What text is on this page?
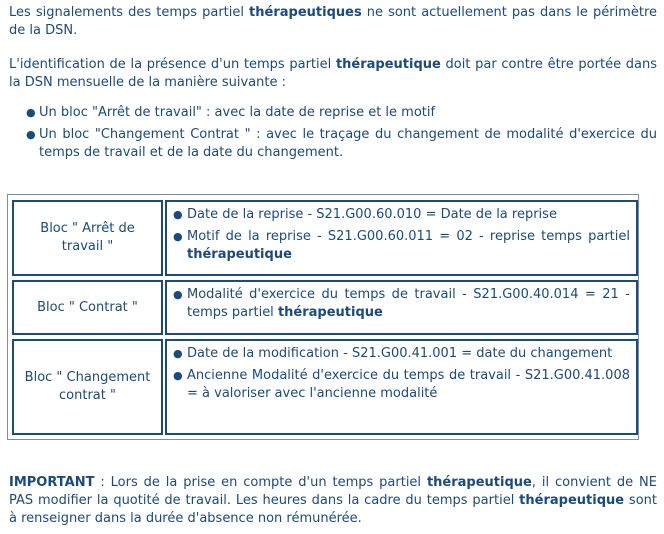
Les signalements des temps partiel thérapeutiques ne sont actuellement pas dans le périmètre de la DSN.

L'identification de la présence d'un temps partiel thérapeutique doit par contre être portée dans la DSN mensuelle de la manière suivante :

● Un bloc "Arrêt de travail" : avec la date de reprise et le motif
● Un bloc "Changement Contrat " : avec le traçage du changement de modalité d'exercice du temps de travail et de la date du changement.
Bloc " Arrêt de travail "
● Date de la reprise - S21.G00.60.010 = Date de la reprise
● Motif de la reprise - S21.G00.60.011 = 02 - reprise temps partiel thérapeutique
Bloc " Contrat "
● Modalité d'exercice du temps de travail - S21.G00.40.014 = 21 - temps partiel thérapeutique
Bloc " Changement contrat "
● Date de la modification - S21.G00.41.001 = date du changement
● Ancienne Modalité d'exercice du temps de travail - S21.G00.41.008 = à valoriser avec l'ancienne modalité

IMPORTANT : Lors de la prise en compte d'un temps partiel thérapeutique, il convient de NE PAS modifier la quotité de travail. Les heures dans la cadre du temps partiel thérapeutique sont à renseigner dans la durée d'absence non rémunérée.
